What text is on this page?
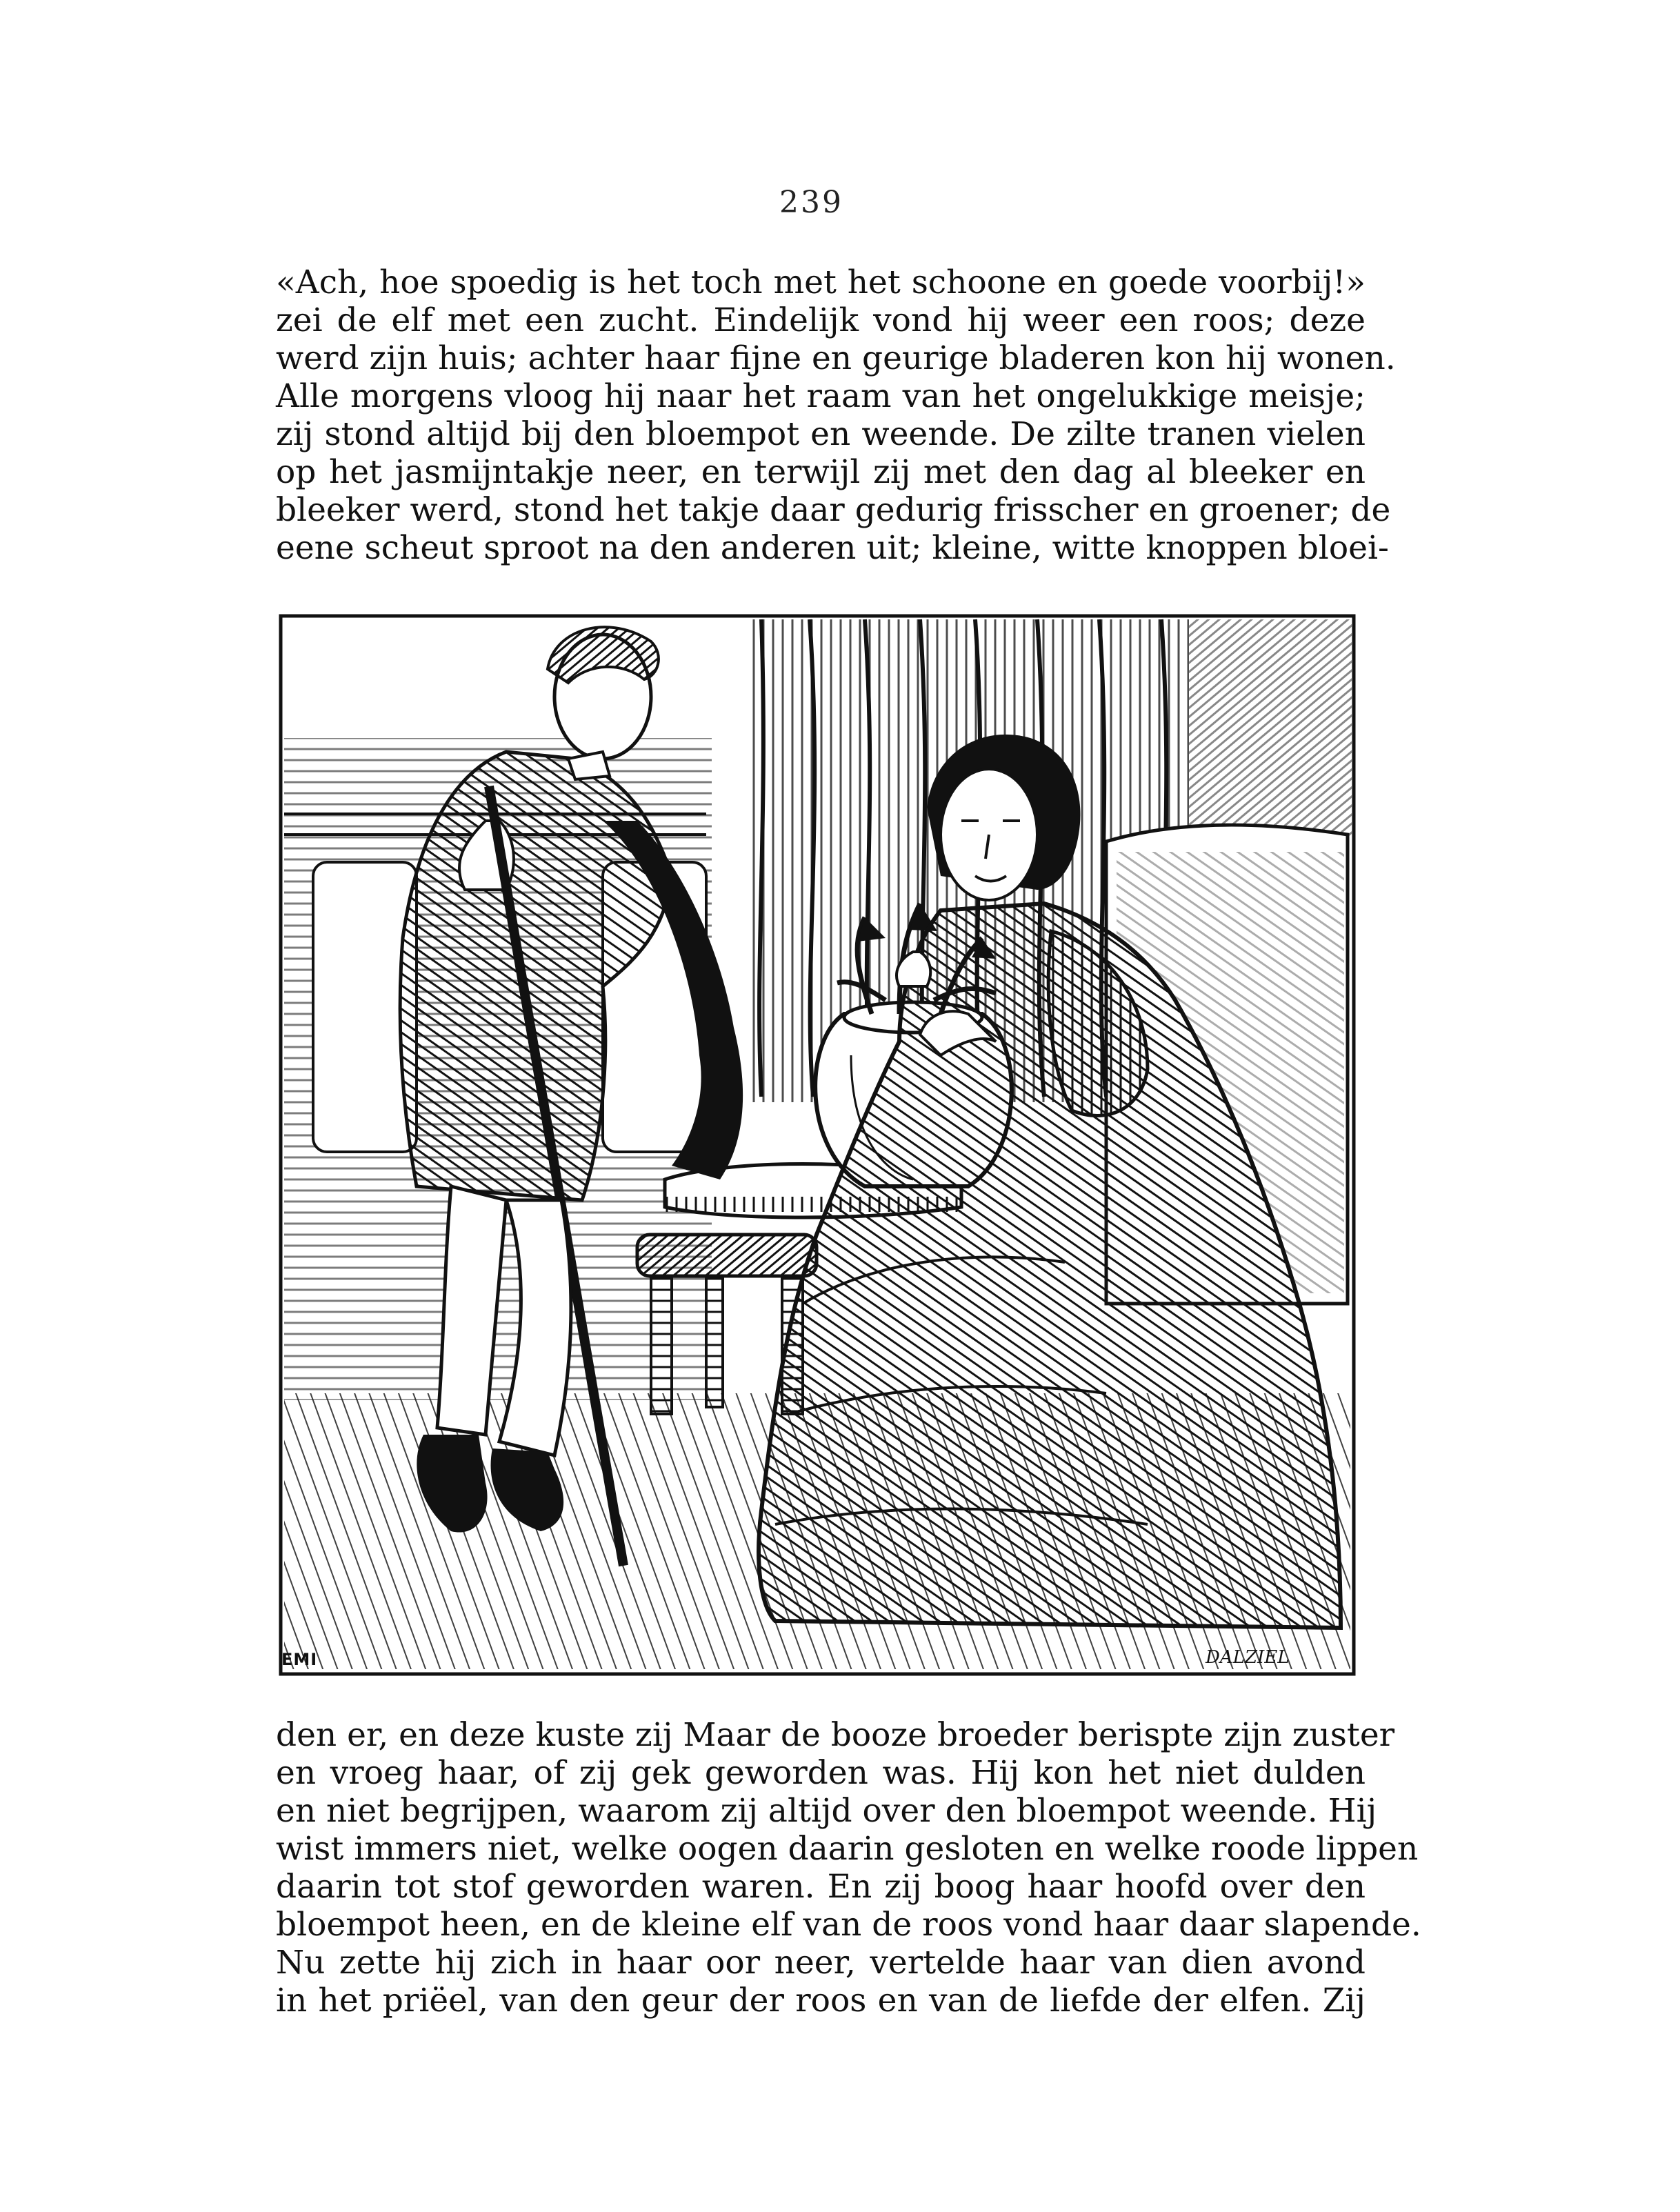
239
«Ach, hoe spoedig is het toch met het schoone en goede voorbij!»
zei de elf met een zucht. Eindelijk vond hij weer een roos; deze
werd zijn huis; achter haar fijne en geurige bladeren kon hij wonen.
Alle morgens vloog hij naar het raam van het ongelukkige meisje;
zij stond altijd bij den bloempot en weende. De zilte tranen vielen
op het jasmijntakje neer, en terwijl zij met den dag al bleeker en
bleeker werd, stond het takje daar gedurig frisscher en groener; de
eene scheut sproot na den anderen uit; kleine, witte knoppen bloei-
EMI	DALZIEL
den er, en deze kuste zij Maar de booze broeder berispte zijn zuster
en vroeg haar, of zij gek geworden was. Hij kon het niet dulden
en niet begrijpen, waarom zij altijd over den bloempot weende. Hij
wist immers niet, welke oogen daarin gesloten en welke roode lippen
daarin tot stof geworden waren. En zij boog haar hoofd over den
bloempot heen, en de kleine elf van de roos vond haar daar slapende.
Nu zette hij zich in haar oor neer, vertelde haar van dien avond
in het priëel, van den geur der roos en van de liefde der elfen. Zij
